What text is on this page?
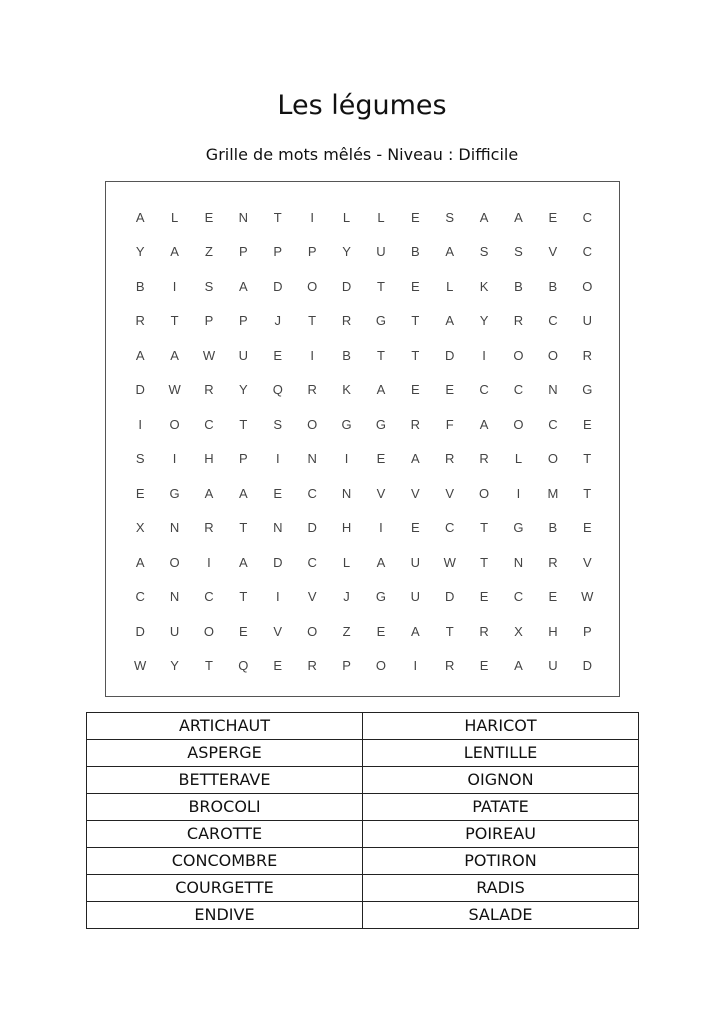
Les légumes
Grille de mots mêlés - Niveau : Difficile
A	L	E	N	T	I	L	L	E	S	A	A	E	C
Y	A	Z	P	P	P	Y	U	B	A	S	S	V	C
B	I	S	A	D	O	D	T	E	L	K	B	B	O
R	T	P	P	J	T	R	G	T	A	Y	R	C	U
A	A	W	U	E	I	B	T	T	D	I	O	O	R
D	W	R	Y	Q	R	K	A	E	E	C	C	N	G
I	O	C	T	S	O	G	G	R	F	A	O	C	E
S	I	H	P	I	N	I	E	A	R	R	L	O	T
E	G	A	A	E	C	N	V	V	V	O	I	M	T
X	N	R	T	N	D	H	I	E	C	T	G	B	E
A	O	I	A	D	C	L	A	U	W	T	N	R	V
C	N	C	T	I	V	J	G	U	D	E	C	E	W
D	U	O	E	V	O	Z	E	A	T	R	X	H	P
W	Y	T	Q	E	R	P	O	I	R	E	A	U	D
ARTICHAUT	HARICOT
ASPERGE	LENTILLE
BETTERAVE	OIGNON
BROCOLI	PATATE
CAROTTE	POIREAU
CONCOMBRE	POTIRON
COURGETTE	RADIS
ENDIVE	SALADE
